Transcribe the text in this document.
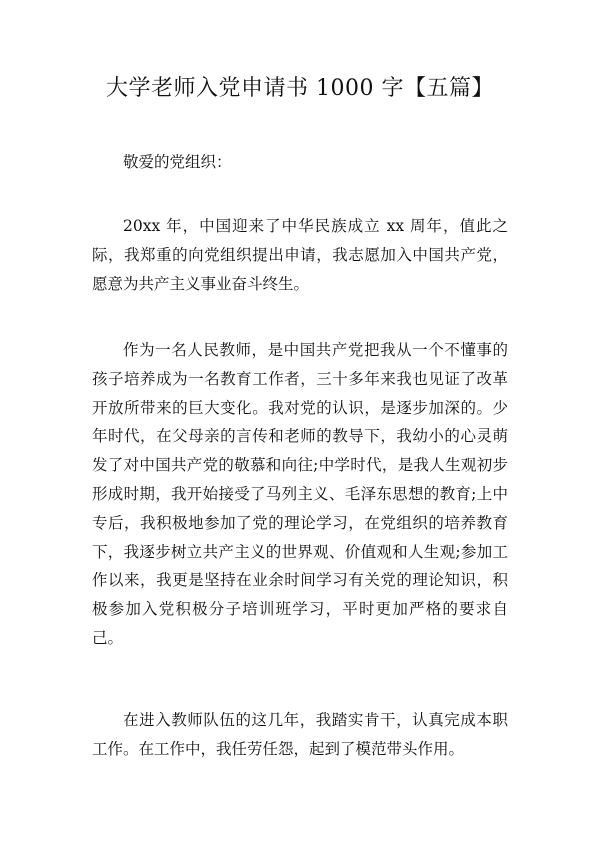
大学老师入党申请书 1000 字【五篇】

敬爱的党组织：

20xx 年，中国迎来了中华民族成立 xx 周年，值此之际，我郑重的向党组织提出申请，我志愿加入中国共产党，愿意为共产主义事业奋斗终生。

作为一名人民教师，是中国共产党把我从一个不懂事的孩子培养成为一名教育工作者，三十多年来我也见证了改革开放所带来的巨大变化。我对党的认识，是逐步加深的。少年时代，在父母亲的言传和老师的教导下，我幼小的心灵萌发了对中国共产党的敬慕和向往;中学时代，是我人生观初步形成时期，我开始接受了马列主义、毛泽东思想的教育;上中专后，我积极地参加了党的理论学习，在党组织的培养教育下，我逐步树立共产主义的世界观、价值观和人生观;参加工作以来，我更是坚持在业余时间学习有关党的理论知识，积极参加入党积极分子培训班学习，平时更加严格的要求自己。

在进入教师队伍的这几年，我踏实肯干，认真完成本职工作。在工作中，我任劳任怨，起到了模范带头作用。
